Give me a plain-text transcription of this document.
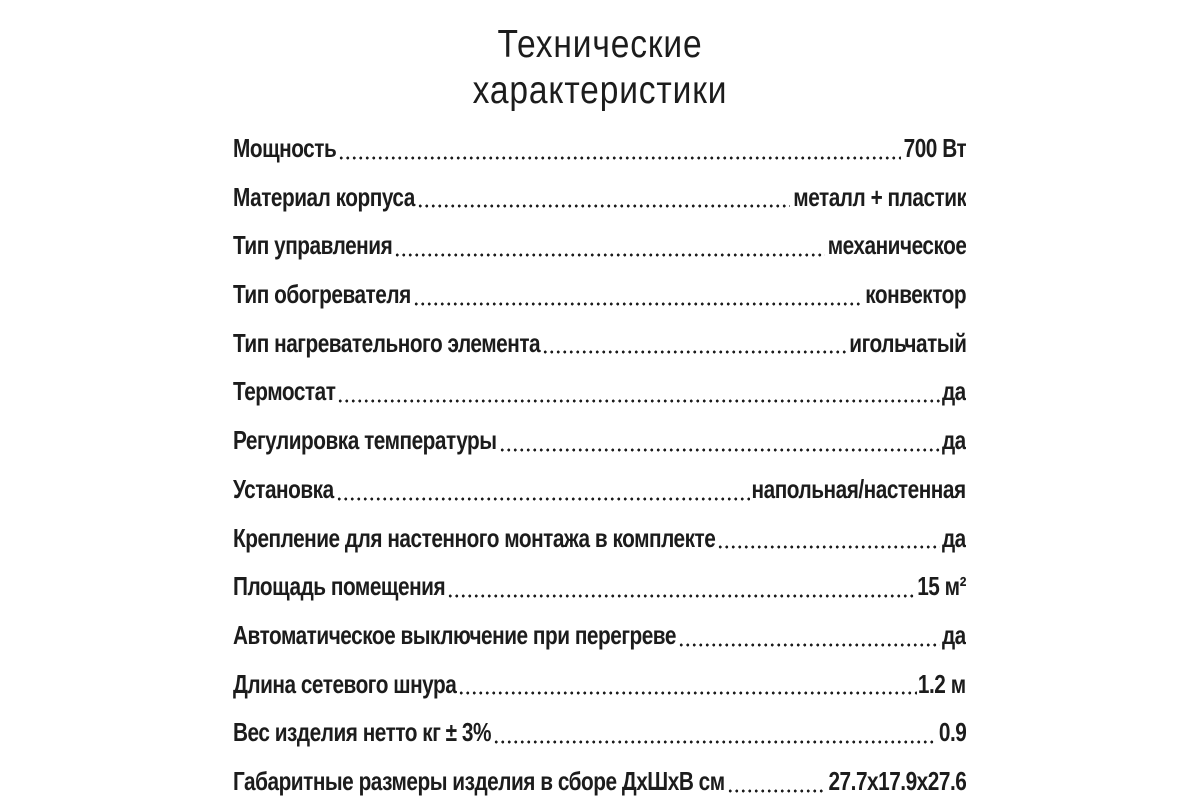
Технические
характеристики
Мощность	700 Вт
Материал корпуса	металл + пластик
Тип управления	механическое
Тип обогревателя	конвектор
Тип нагревательного элемента	игольчатый
Термостат	да
Регулировка температуры	да
Установка	напольная/настенная
Крепление для настенного монтажа в комплекте	да
Площадь помещения	15 м²
Автоматическое выключение при перегреве	да
Длина сетевого шнура	1.2 м
Вес изделия нетто кг ± 3%	0.9
Габаритные размеры изделия в сборе ДхШхВ см	27.7x17.9x27.6
